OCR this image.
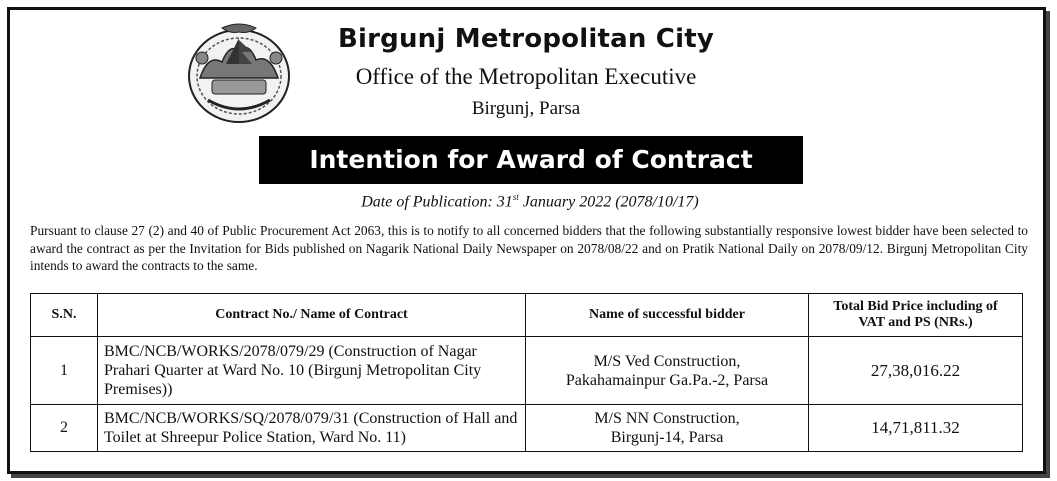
Birgunj Metropolitan City
Office of the Metropolitan Executive
Birgunj, Parsa
Intention for Award of Contract
Date of Publication: 31st January 2022 (2078/10/17)
Pursuant to clause 27 (2) and 40 of Public Procurement Act 2063, this is to notify to all concerned bidders that the following substantially responsive lowest bidder have been selected to award the contract as per the Invitation for Bids published on Nagarik National Daily Newspaper on 2078/08/22 and on Pratik National Daily on 2078/09/12. Birgunj Metropolitan City intends to award the contracts to the same.
S.N.	Contract No./ Name of Contract	Name of successful bidder	Total Bid Price including of
VAT and PS (NRs.)
1	BMC/NCB/WORKS/2078/079/29 (Construction of Nagar Prahari Quarter at Ward No. 10 (Birgunj Metropolitan City Premises))	M/S Ved Construction,
Pakahamainpur Ga.Pa.-2, Parsa	27,38,016.22
2	BMC/NCB/WORKS/SQ/2078/079/31 (Construction of Hall and Toilet at Shreepur Police Station, Ward No. 11)	M/S NN Construction,
Birgunj-14, Parsa	14,71,811.32
